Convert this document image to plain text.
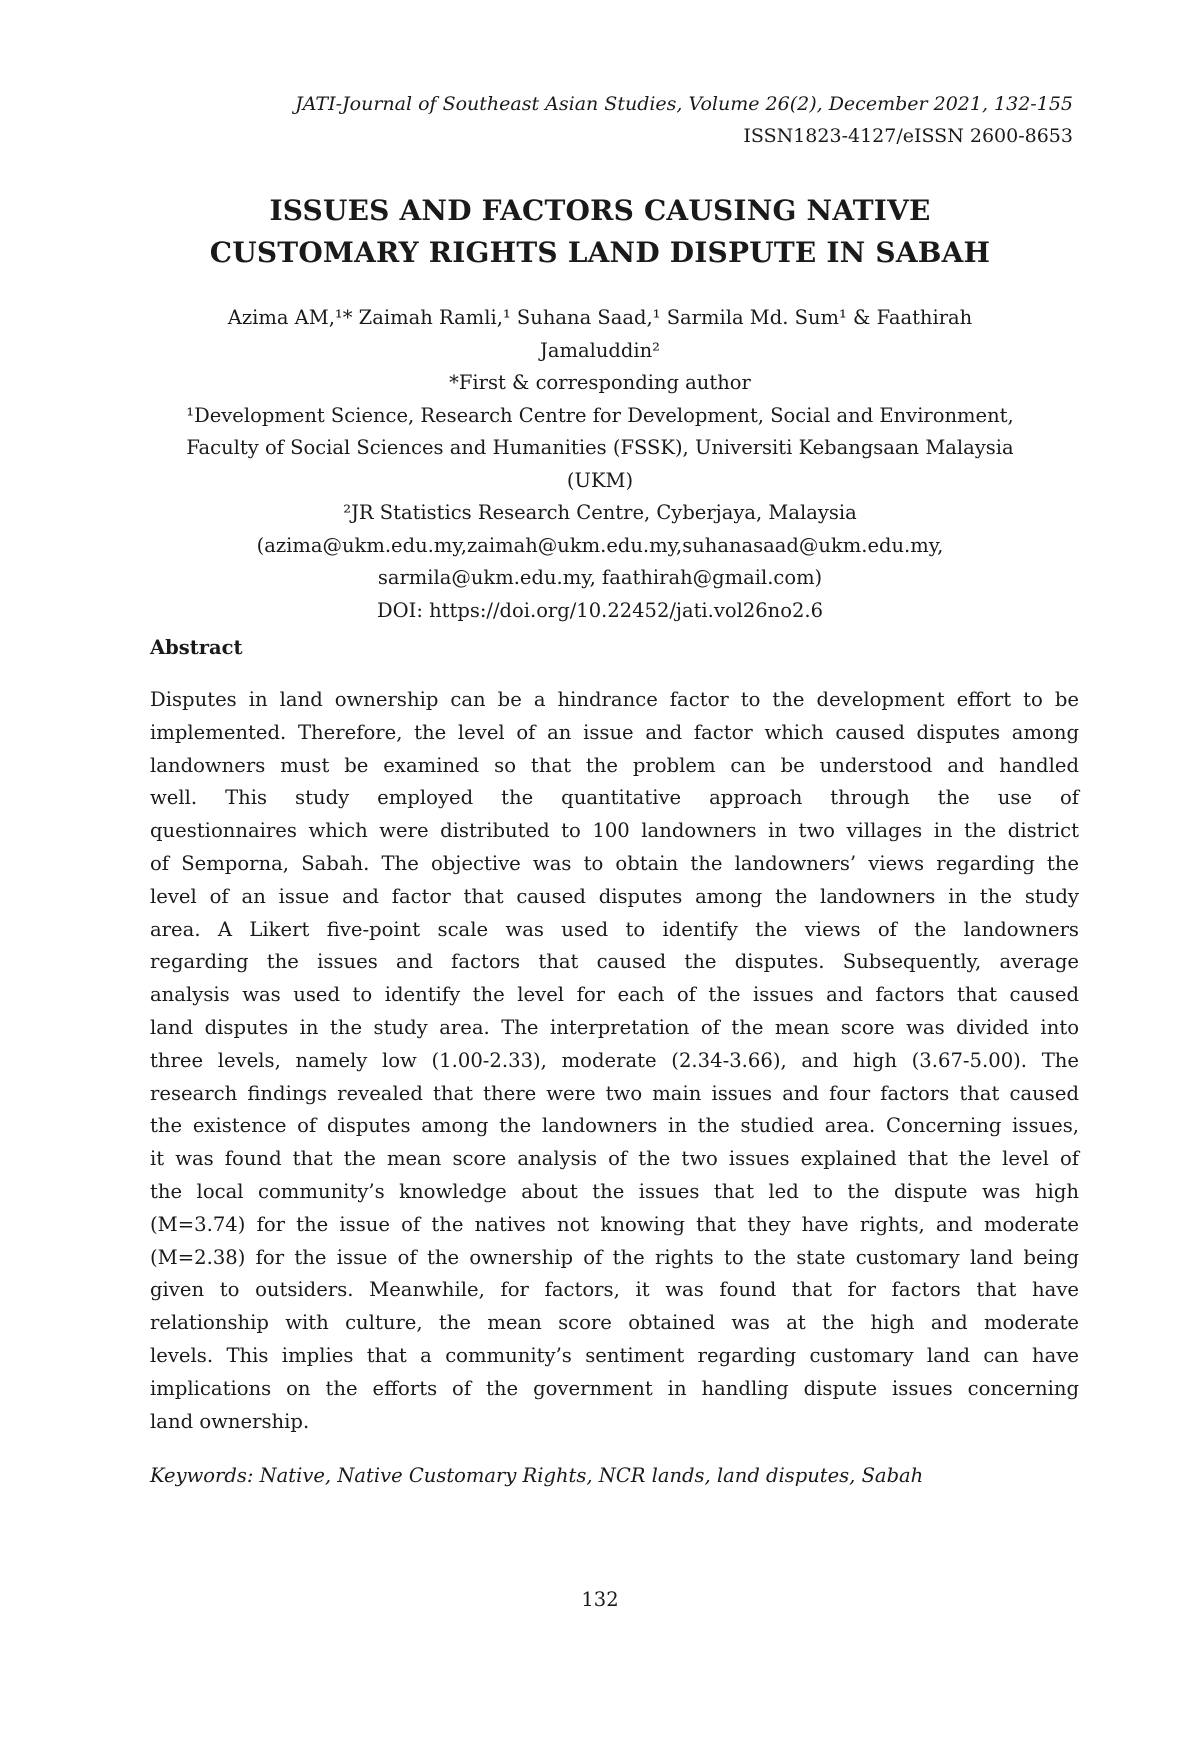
JATI-Journal of Southeast Asian Studies, Volume 26(2), December 2021, 132-155
ISSN1823-4127/eISSN 2600-8653
ISSUES AND FACTORS CAUSING NATIVE
CUSTOMARY RIGHTS LAND DISPUTE IN SABAH
Azima AM,¹* Zaimah Ramli,¹ Suhana Saad,¹ Sarmila Md. Sum¹ & Faathirah
Jamaluddin²
*First & corresponding author
¹Development Science, Research Centre for Development, Social and Environment,
Faculty of Social Sciences and Humanities (FSSK), Universiti Kebangsaan Malaysia
(UKM)
²JR Statistics Research Centre, Cyberjaya, Malaysia
(azima@ukm.edu.my,zaimah@ukm.edu.my,suhanasaad@ukm.edu.my,
sarmila@ukm.edu.my, faathirah@gmail.com)
DOI: https://doi.org/10.22452/jati.vol26no2.6
Abstract
Disputes in land ownership can be a hindrance factor to the development effort to be
implemented. Therefore, the level of an issue and factor which caused disputes among
landowners must be examined so that the problem can be understood and handled
well. This study employed the quantitative approach through the use of
questionnaires which were distributed to 100 landowners in two villages in the district
of Semporna, Sabah. The objective was to obtain the landowners’ views regarding the
level of an issue and factor that caused disputes among the landowners in the study
area. A Likert five-point scale was used to identify the views of the landowners
regarding the issues and factors that caused the disputes. Subsequently, average
analysis was used to identify the level for each of the issues and factors that caused
land disputes in the study area. The interpretation of the mean score was divided into
three levels, namely low (1.00-2.33), moderate (2.34-3.66), and high (3.67-5.00). The
research findings revealed that there were two main issues and four factors that caused
the existence of disputes among the landowners in the studied area. Concerning issues,
it was found that the mean score analysis of the two issues explained that the level of
the local community’s knowledge about the issues that led to the dispute was high
(M=3.74) for the issue of the natives not knowing that they have rights, and moderate
(M=2.38) for the issue of the ownership of the rights to the state customary land being
given to outsiders. Meanwhile, for factors, it was found that for factors that have
relationship with culture, the mean score obtained was at the high and moderate
levels. This implies that a community’s sentiment regarding customary land can have
implications on the efforts of the government in handling dispute issues concerning
land ownership.
Keywords: Native, Native Customary Rights, NCR lands, land disputes, Sabah
132
